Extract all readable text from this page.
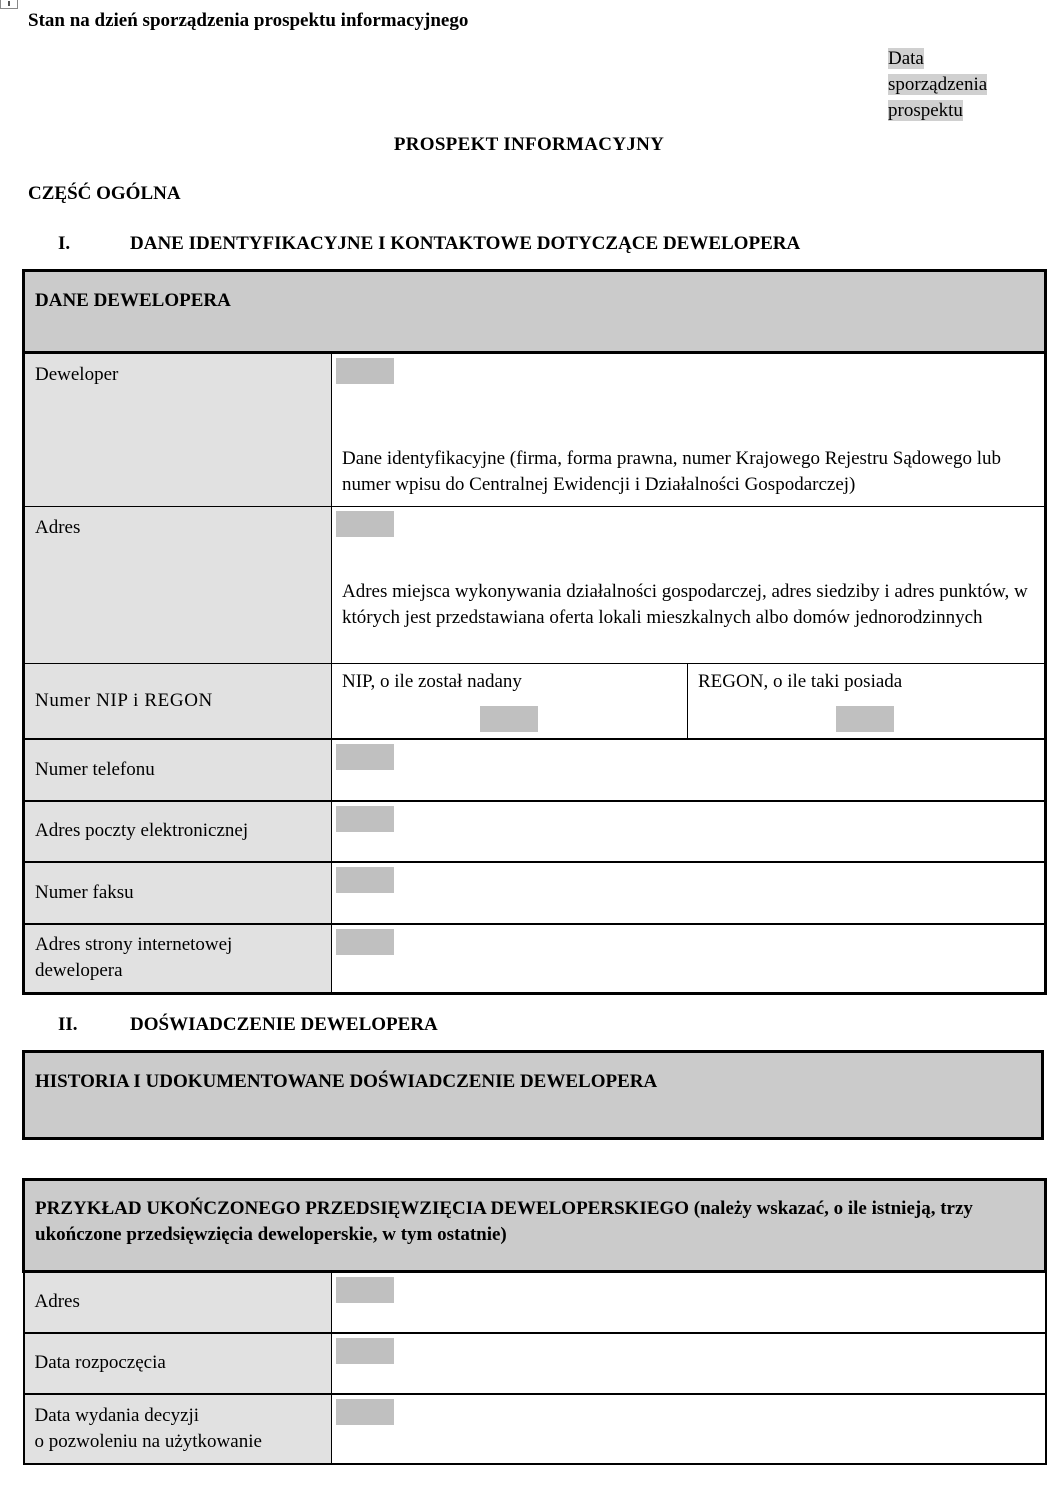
Stan na dzień sporządzenia prospektu informacyjnego
Data
sporządzenia
prospektu
PROSPEKT INFORMACYJNY
CZĘŚĆ OGÓLNA
I.	DANE IDENTYFIKACYJNE I KONTAKTOWE DOTYCZĄCE DEWELOPERA
DANE DEWELOPERA		
Deweloper	Dane identyfikacyjne (firma, forma prawna, numer Krajowego Rejestru Sądowego lub numer wpisu do Centralnej Ewidencji i Działalności Gospodarczej)	

Adres	Adres miejsca wykonywania działalności gospodarczej, adres siedziby i adres punktów, w których jest przedstawiana oferta lokali mieszkalnych albo domów jednorodzinnych	

Numer NIP i REGON	NIP, o ile został nadany	REGON, o ile taki posiada

Numer telefonu		

Adres poczty elektronicznej		

Numer faksu		

Adres strony internetowej dewelopera		
II.	DOŚWIADCZENIE DEWELOPERA
HISTORIA I UDOKUMENTOWANE DOŚWIADCZENIE DEWELOPERA
PRZYKŁAD UKOŃCZONEGO PRZEDSIĘWZIĘCIA DEWELOPERSKIEGO (należy wskazać, o ile istnieją, trzy ukończone przedsięwzięcia deweloperskie, w tym ostatnie)	
Adres	

Data rozpoczęcia	

Data wydania decyzji
o pozwoleniu na użytkowanie	
